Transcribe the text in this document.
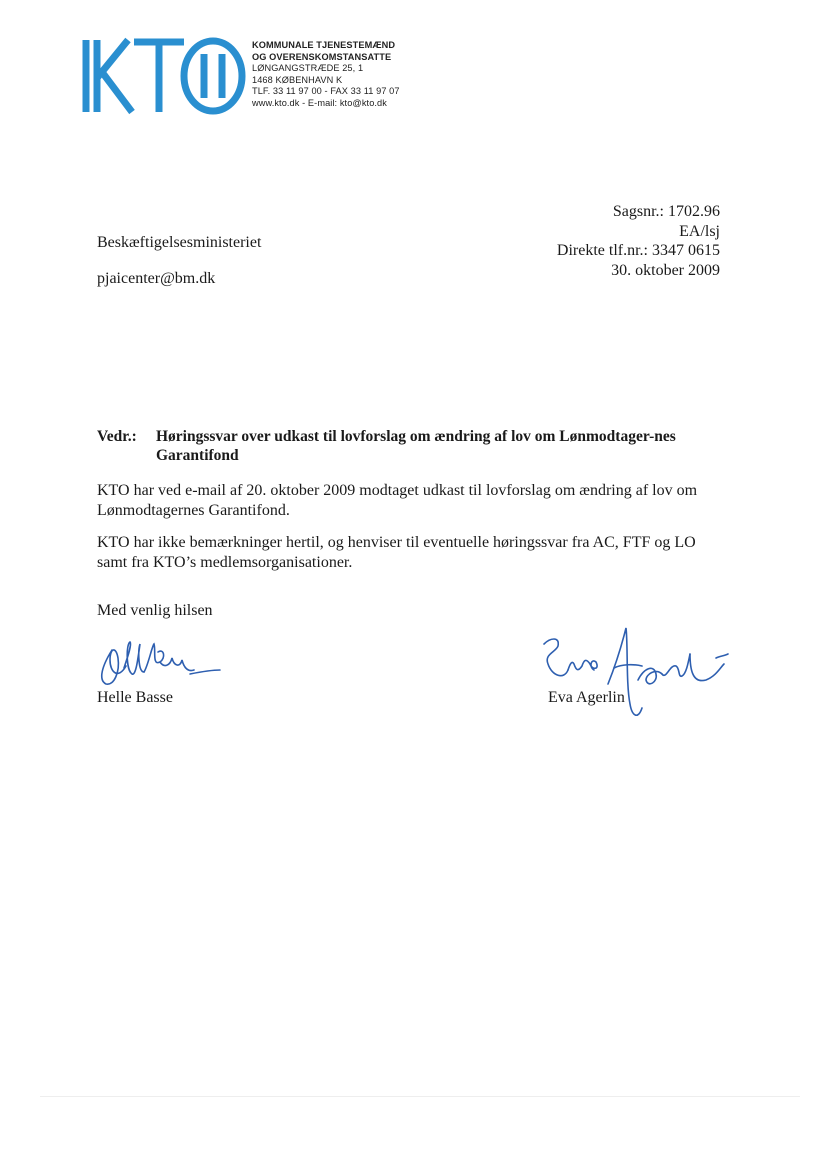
KOMMUNALE TJENESTEMÆND
OG OVERENSKOMSTANSATTE
LØNGANGSTRÆDE 25, 1
1468 KØBENHAVN K
TLF. 33 11 97 00 - FAX 33 11 97 07
www.kto.dk - E-mail: kto@kto.dk
Sagsnr.: 1702.96
EA/lsj
Direkte tlf.nr.: 3347 0615
30. oktober 2009
Beskæftigelsesministeriet
pjaicenter@bm.dk
Vedr.:	Høringssvar over udkast til lovforslag om ændring af lov om Lønmodtager-nes Garantifond
KTO har ved e-mail af 20. oktober 2009 modtaget udkast til lovforslag om ændring af lov om Lønmodtagernes Garantifond.
KTO har ikke bemærkninger hertil, og henviser til eventuelle høringssvar fra AC, FTF og LO samt fra KTO’s medlemsorganisationer.
Med venlig hilsen
Helle Basse	Eva Agerlin
